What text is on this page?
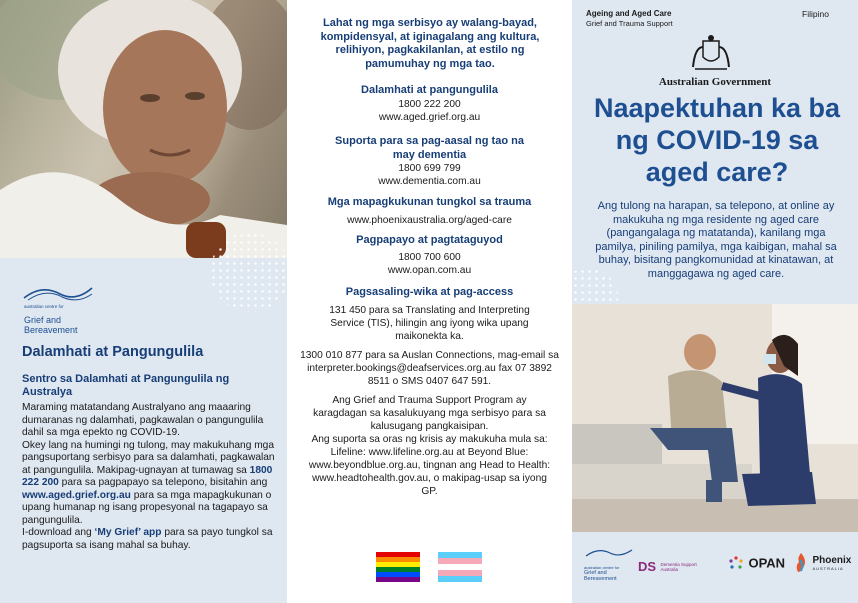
australian centre for
Grief and Bereavement
Dalamhati at Pangungulila
Sentro sa Dalamhati at Pangungulila ng Australya
Maraming matatandang Australyano ang maaaring dumaranas ng dalamhati, pagkawalan o pangungulila dahil sa mga epekto ng COVID-19.
Okey lang na humingi ng tulong, may makukuhang mga pangsuportang serbisyo para sa dalamhati, pagkawalan at pangungulila. Makipag-ugnayan at tumawag sa 1800 222 200 para sa pagpapayo sa telepono, bisitahin ang www.aged.grief.org.au para sa mga mapagkukunan o upang humanap ng isang propesyonal na tagapayo sa pangungulila.
I-download ang ‘My Grief’ app para sa payo tungkol sa pagsuporta sa isang mahal sa buhay.
Lahat ng mga serbisyo ay walang-bayad, kompidensyal, at iginagalang ang kultura, relihiyon, pagkakilanlan, at estilo ng pamumuhay ng mga tao.
Dalamhati at pangungulila
1800 222 200
www.aged.grief.org.au
Suporta para sa pag-aasal ng tao na may dementia
1800 699 799
www.dementia.com.au
Mga mapagkukunan tungkol sa trauma
www.phoenixaustralia.org/aged-care
Pagpapayo at pagtataguyod
1800 700 600
www.opan.com.au
Pagsasaling-wika at pag-access
131 450 para sa Translating and Interpreting Service (TIS), hilingin ang iyong wika upang maikonekta ka.
1300 010 877 para sa Auslan Connections, mag-email sa interpreter.bookings@deafservices.org.au fax 07 3892 8511 o SMS 0407 647 591.
Ang Grief and Trauma Support Program ay karagdagan sa kasalukuyang mga serbisyo para sa kalusugang pangkaisipan.
Ang suporta sa oras ng krisis ay makukuha mula sa: Lifeline: www.lifeline.org.au at Beyond Blue: www.beyondblue.org.au, tingnan ang Head to Health: www.headtohealth.gov.au, o makipag-usap sa iyong GP.
Ageing and Aged Care
Grief and Trauma Support
Filipino
Australian Government
Naapektuhan ka ba ng COVID-19 sa aged care?
Ang tulong na harapan, sa telepono, at online ay makukuha ng mga residente ng aged care (pangangalaga ng matatanda), kanilang mga pamilya, piniling pamilya, mga kaibigan, mahal sa buhay, bisitang pangkomunidad at kinatawan, at manggagawa ng aged care.
australian centre for
Grief and Bereavement
DS Dementia Support Australia	OPAN
	Phoenix
AUSTRALIA
